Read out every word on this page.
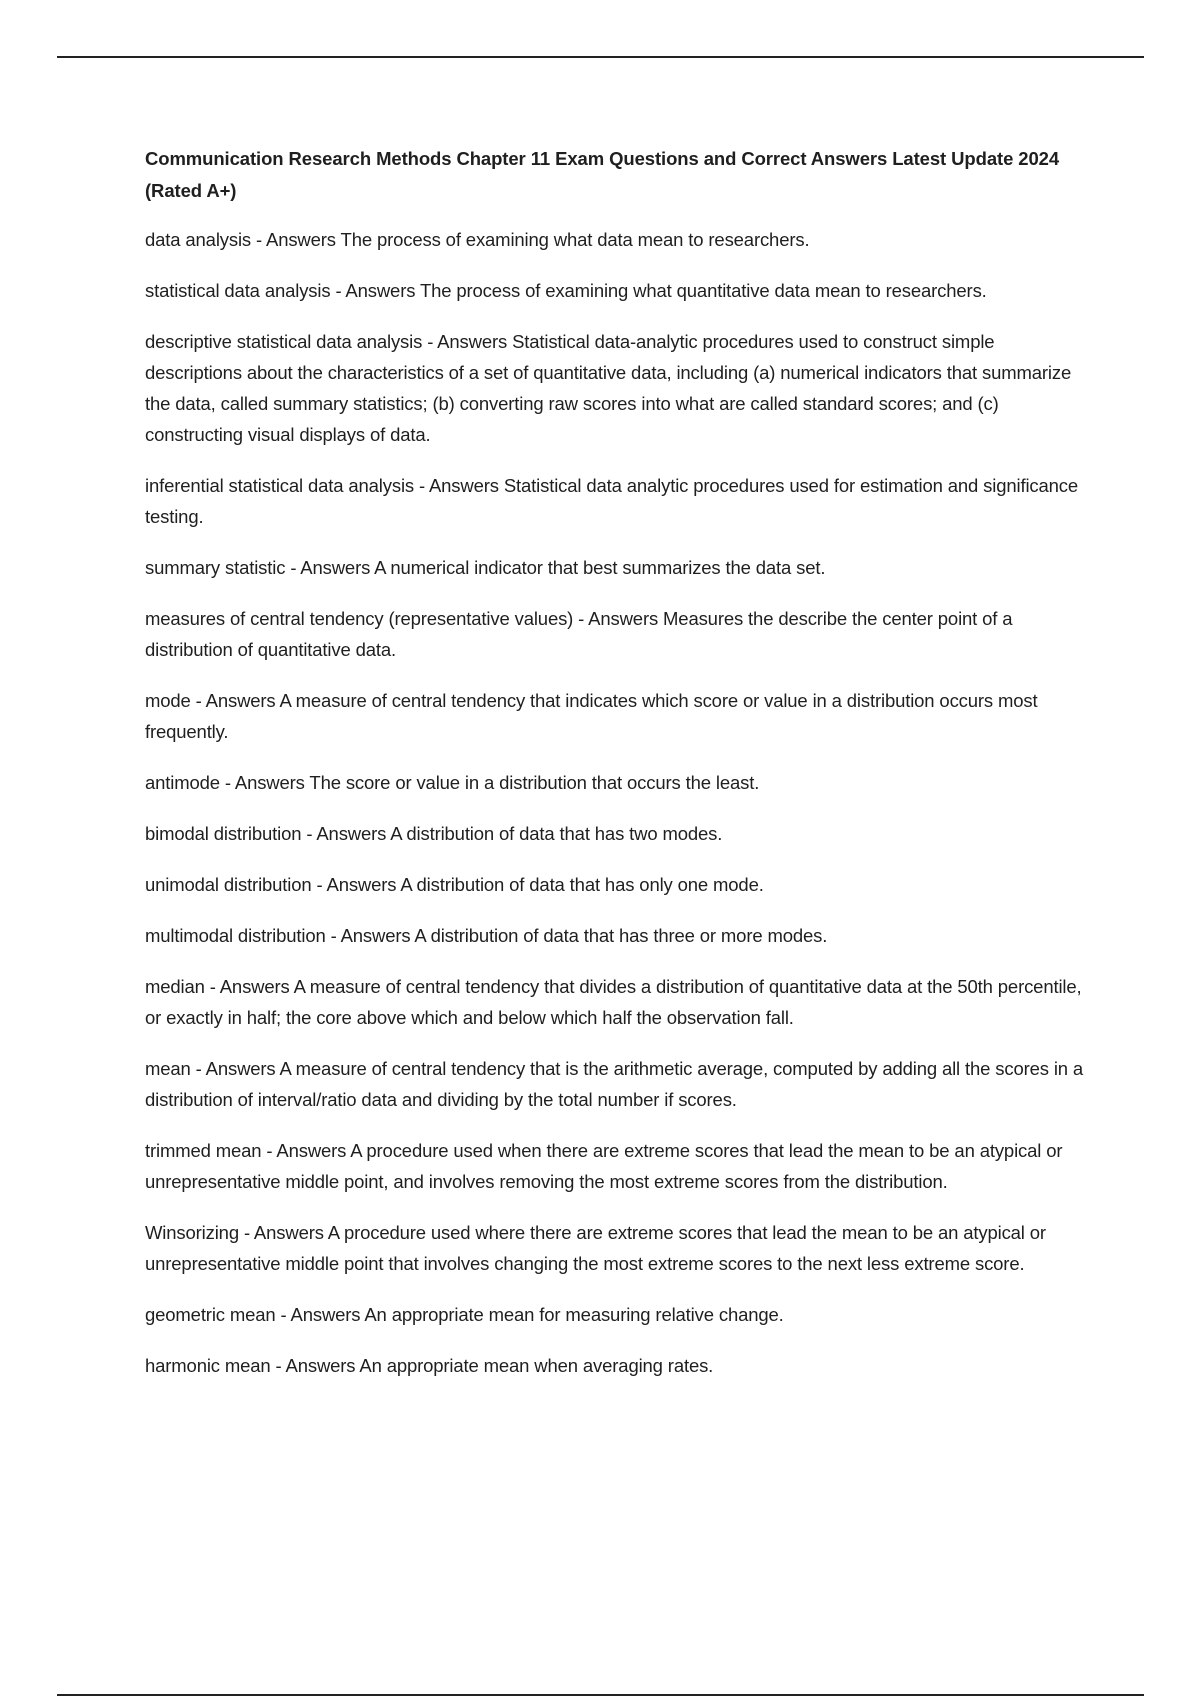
Communication Research Methods Chapter 11 Exam Questions and Correct Answers Latest Update 2024 (Rated A+)

data analysis - Answers The process of examining what data mean to researchers.

statistical data analysis - Answers The process of examining what quantitative data mean to researchers.

descriptive statistical data analysis - Answers Statistical data-analytic procedures used to construct simple descriptions about the characteristics of a set of quantitative data, including (a) numerical indicators that summarize the data, called summary statistics; (b) converting raw scores into what are called standard scores; and (c) constructing visual displays of data.

inferential statistical data analysis - Answers Statistical data analytic procedures used for estimation and significance testing.

summary statistic - Answers A numerical indicator that best summarizes the data set.

measures of central tendency (representative values) - Answers Measures the describe the center point of a distribution of quantitative data.

mode - Answers A measure of central tendency that indicates which score or value in a distribution occurs most frequently.

antimode - Answers The score or value in a distribution that occurs the least.

bimodal distribution - Answers A distribution of data that has two modes.

unimodal distribution - Answers A distribution of data that has only one mode.

multimodal distribution - Answers A distribution of data that has three or more modes.

median - Answers A measure of central tendency that divides a distribution of quantitative data at the 50th percentile, or exactly in half; the core above which and below which half the observation fall.

mean - Answers A measure of central tendency that is the arithmetic average, computed by adding all the scores in a distribution of interval/ratio data and dividing by the total number if scores.

trimmed mean - Answers A procedure used when there are extreme scores that lead the mean to be an atypical or unrepresentative middle point, and involves removing the most extreme scores from the distribution.

Winsorizing - Answers A procedure used where there are extreme scores that lead the mean to be an atypical or unrepresentative middle point that involves changing the most extreme scores to the next less extreme score.

geometric mean - Answers An appropriate mean for measuring relative change.

harmonic mean - Answers An appropriate mean when averaging rates.
